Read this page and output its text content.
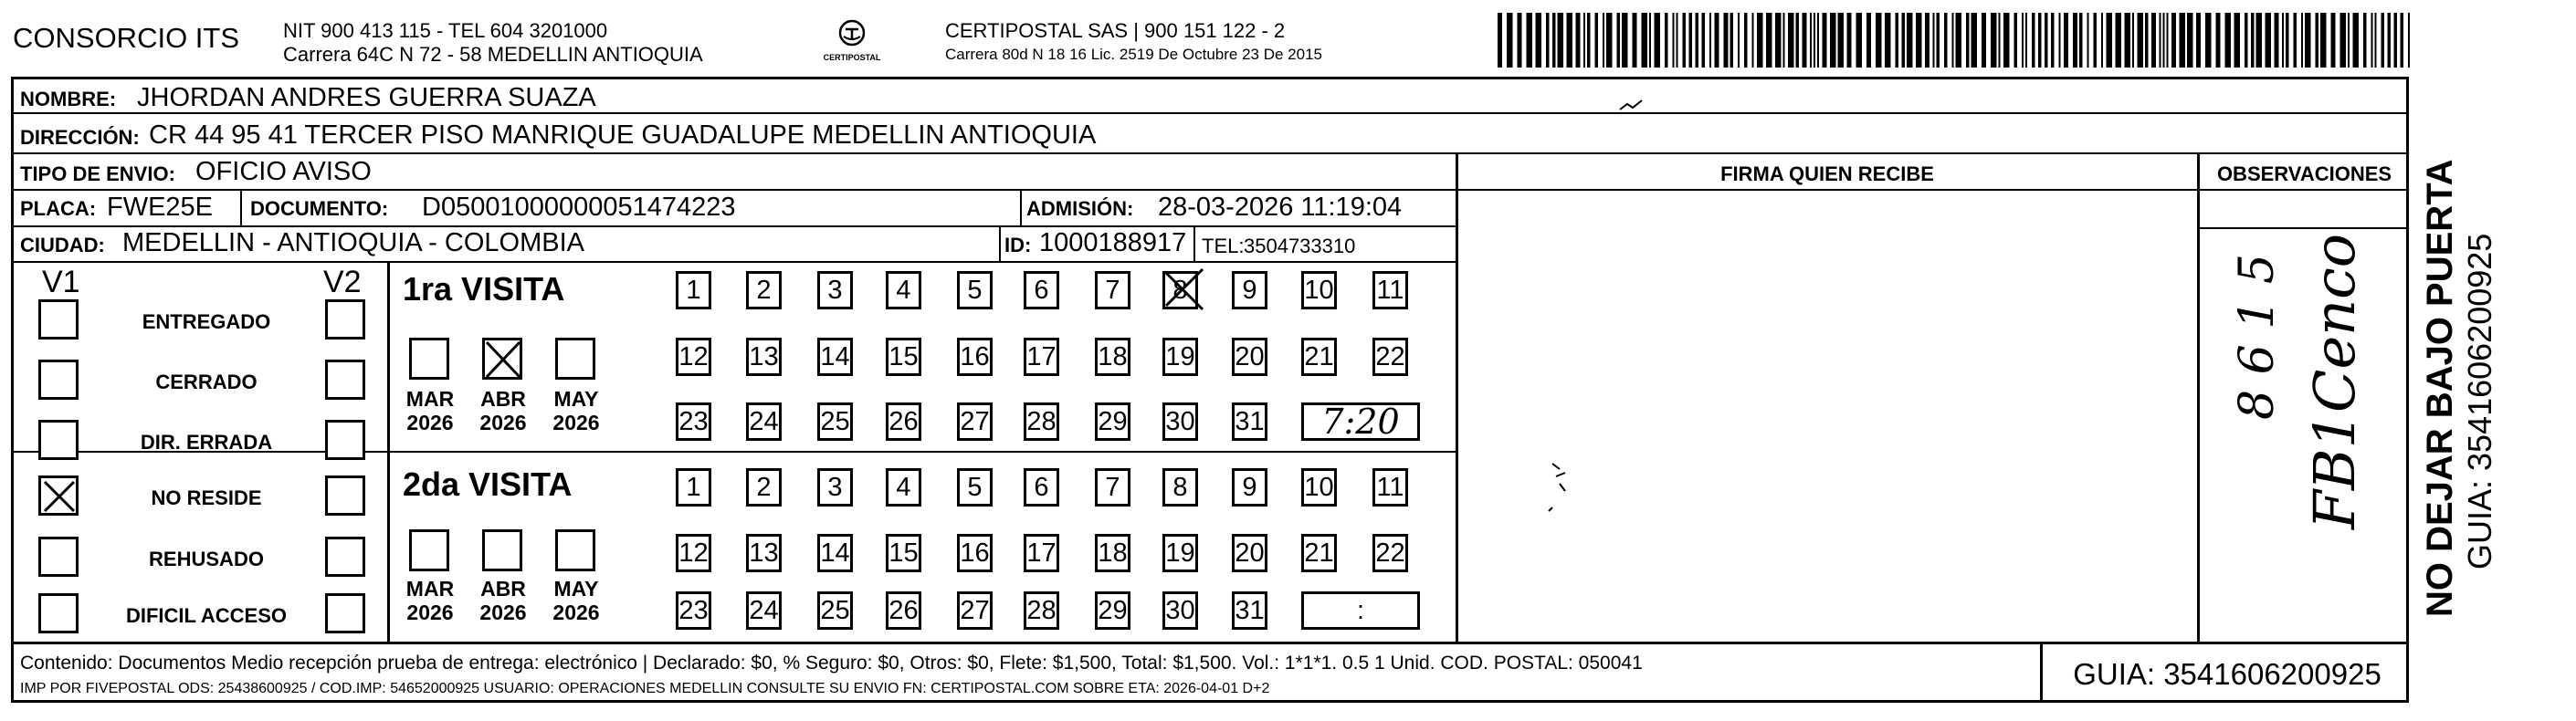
CONSORCIO ITS NIT 900 413 115 - TEL 604 3201000
Carrera 64C N 72 - 58 MEDELLIN ANTIOQUIA	CERTIPOSTAL
CERTIPOSTAL SAS | 900 151 122 - 2
Carrera 80d N 18 16 Lic. 2519 De Octubre 23 De 2015
NOMBRE: JHORDAN ANDRES GUERRA SUAZA
DIRECCIÓN: CR 44 95 41 TERCER PISO MANRIQUE GUADALUPE MEDELLIN ANTIOQUIA
TIPO DE ENVIO: OFICIO AVISO	FIRMA QUIEN RECIBE	OBSERVACIONES
PLACA: FWE25E DOCUMENTO: D05001000000051474223	ADMISIÓN: 28-03-2026 11:19:04
CIUDAD: MEDELLIN - ANTIOQUIA - COLOMBIA	ID: 1000188917 TEL: 3504733310
V1	V2
ENTREGADO
CERRADO
DIR. ERRADA
NO RESIDE
REHUSADO
DIFICIL ACCESO
1ra VISITA
2da VISITA
MAR
2026
ABR
2026
MAY
2026
MAR
2026
ABR
2026
MAY
2026
1	2	3	4	5	6	7	8	9	10 11
12 13 14 15 16 17 18 19 20 21 22
23 24 25 26 27 28 29 30 31	7:20
1	2	3	4	5	6	7	8	9	10 11
12 13 14 15 16 17 18 19 20 21 22
23 24 25 26 27 28 29 30 31	:
8 6 1 5 FB1Cenco
Contenido: Documentos Medio recepción prueba de entrega: electrónico | Declarado: $0, % Seguro: $0, Otros: $0, Flete: $1,500, Total: $1,500. Vol.: 1*1*1. 0.5 1 Unid. COD. POSTAL: 050041
IMP POR FIVEPOSTAL ODS: 25438600925 / COD.IMP: 54652000925 USUARIO: OPERACIONES MEDELLIN CONSULTE SU ENVIO FN: CERTIPOSTAL.COM SOBRE ETA: 2026-04-01 D+2	GUIA: 3541606200925
NO DEJAR BAJO PUERTA GUIA: 3541606200925
